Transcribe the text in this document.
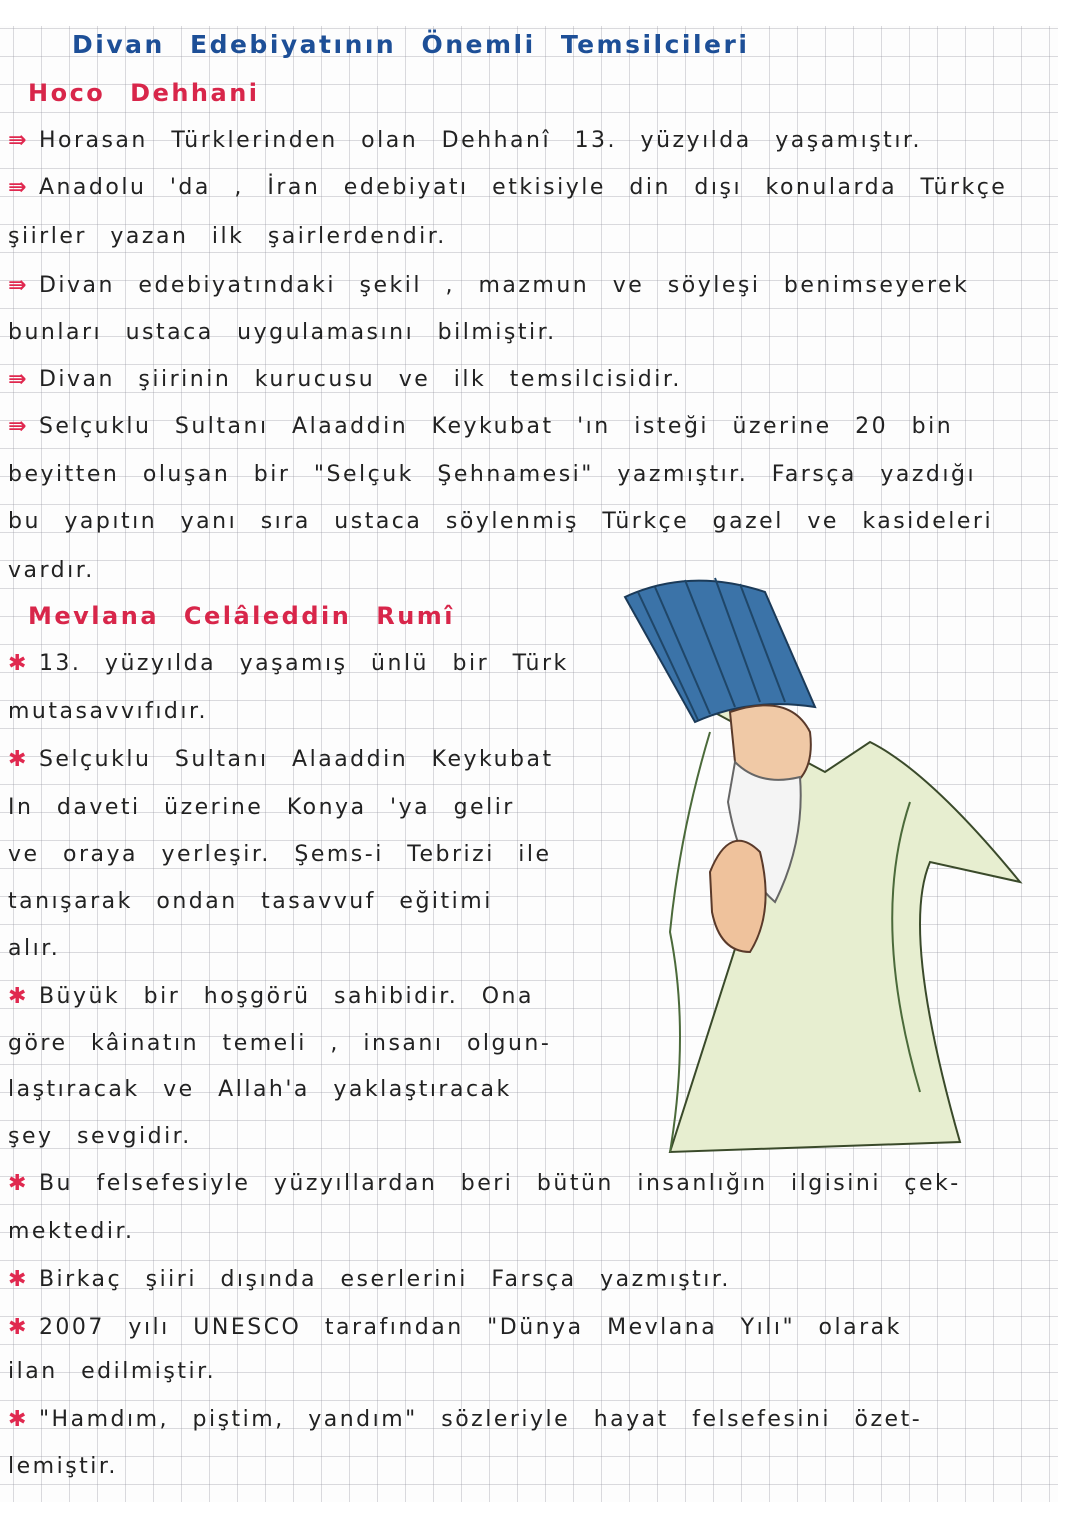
Divan Edebiyatının Önemli Temsilcileri
Hoco Dehhani
⇛ Horasan Türklerinden olan Dehhanî 13. yüzyılda yaşamıştır.
⇛ Anadolu 'da , İran edebiyatı etkisiyle din dışı konularda Türkçe
şiirler yazan ilk şairlerdendir.
⇛ Divan edebiyatındaki şekil , mazmun ve söyleşi benimseyerek
bunları ustaca uygulamasını bilmiştir.
⇛ Divan şiirinin kurucusu ve ilk temsilcisidir.
⇛ Selçuklu Sultanı Alaaddin Keykubat 'ın isteği üzerine 20 bin
beyitten oluşan bir "Selçuk Şehnamesi" yazmıştır. Farsça yazdığı
bu yapıtın yanı sıra ustaca söylenmiş Türkçe gazel ve kasideleri
vardır.
Mevlana Celâleddin Rumî
✱ 13. yüzyılda yaşamış ünlü bir Türk
mutasavvıfıdır.
✱ Selçuklu Sultanı Alaaddin Keykubat
In daveti üzerine Konya 'ya gelir
ve oraya yerleşir. Şems-i Tebrizi ile
tanışarak ondan tasavvuf eğitimi
alır.
✱ Büyük bir hoşgörü sahibidir. Ona
göre kâinatın temeli , insanı olgun-
laştıracak ve Allah'a yaklaştıracak
şey sevgidir.
✱ Bu felsefesiyle yüzyıllardan beri bütün insanlığın ilgisini çek-
mektedir.
✱ Birkaç şiiri dışında eserlerini Farsça yazmıştır.
✱ 2007 yılı UNESCO tarafından "Dünya Mevlana Yılı" olarak
ilan edilmiştir.
✱ "Hamdım, piştim, yandım" sözleriyle hayat felsefesini özet-
lemiştir.
